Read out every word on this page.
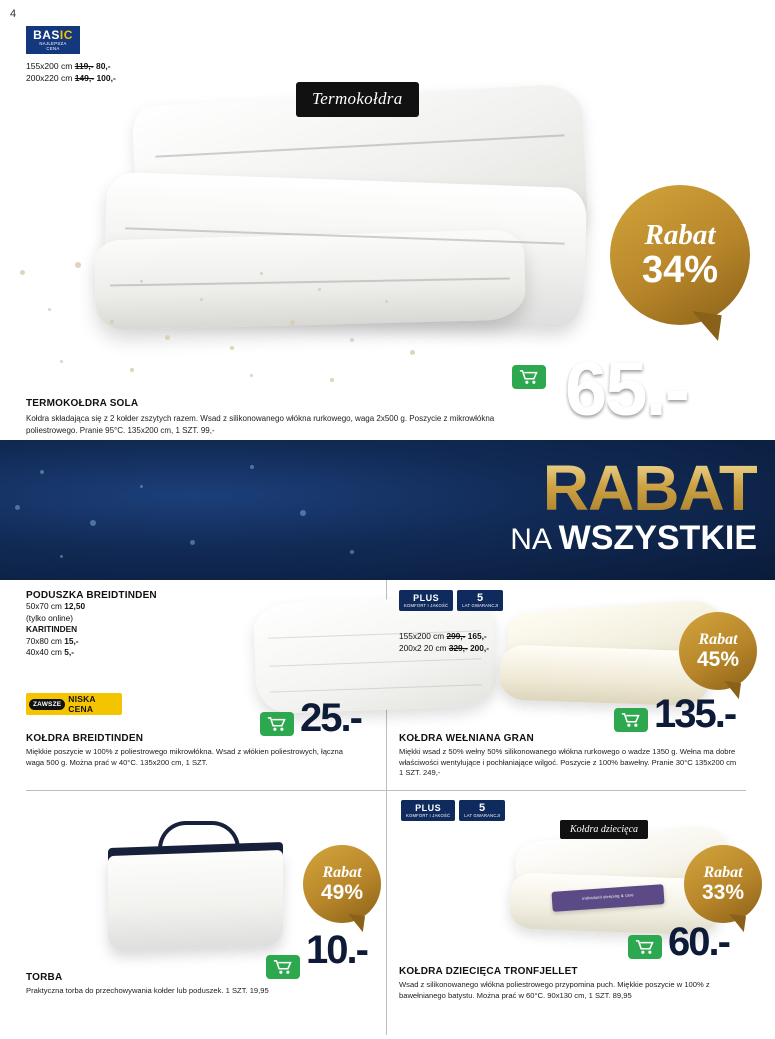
4
BASIC
NAJLEPSZA
CENA
155x200 cm 119,- 80,-
200x220 cm 149,- 100,-
Termokołdra
Rabat
34%
65.-
TERMOKOŁDRA SOLA

Kołdra składająca się z 2 kołder zszytych razem. Wsad z silikonowanego włókna rurkowego, waga 2x500 g. Poszycie z mikrowłókna poliestrowego. Pranie 95°C. 135x200 cm, 1 SZT. 99,-

RABAT
NA WSZYSTKIE
PODUSZKA BREIDTINDEN
50x70 cm 12,50
(tylko online)
KARITINDEN
70x80 cm 15,-
40x40 cm 5,-
ZAWSZE NISKA CENA
KOŁDRA BREIDTINDEN

Miękkie poszycie w 100% z poliestrowego mikrowłókna. Wsad z włókien poliestrowych, łączna waga 500 g. Można prać w 40°C. 135x200 cm, 1 SZT.

25.-
PLUS
KOMFORT I JAKOŚĆ
5
LAT GWARANCJI
155x200 cm 299,- 165,-
200x2 20 cm 329,- 200,-	Rabat
45%
135.-
KOŁDRA WEŁNIANA GRAN

Miękki wsad z 50% wełny 50% silikonowanego włókna rurkowego o wadze 1350 g. Wełna ma dobre właściwości wentylujące i pochłaniające wilgoć. Poszycie z 100% bawełny. Pranie 30°C 135x200 cm 1 SZT. 249,-

Rabat
49%
10.-
TORBA

Praktyczna torba do przechowywania kołder lub poduszek. 1 SZT. 19,95

PLUS
KOMFORT I JAKOŚĆ
5
LAT GWARANCJI
individuell sleeping & care
Kołdra dziecięca
Rabat
33%
60.-
KOŁDRA DZIECIĘCA TRONFJELLET

Wsad z silikonowanego włókna poliestrowego przypomina puch. Miękkie poszycie w 100% z bawełnianego batystu. Można prać w 60°C. 90x130 cm, 1 SZT. 89,95
